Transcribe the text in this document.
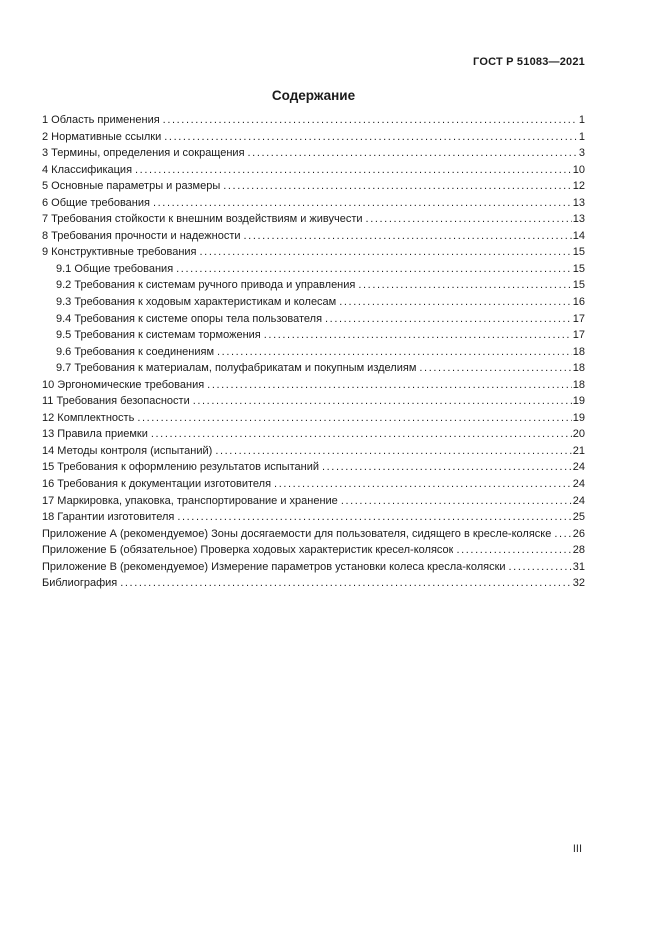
ГОСТ Р 51083—2021
Содержание
1 Область применения .....	1
2 Нормативные ссылки .....	1
3 Термины, определения и сокращения .....	3
4 Классификация .....	10
5 Основные параметры и размеры .....	12
6 Общие требования .....	13
7 Требования стойкости к внешним воздействиям и живучести .....	13
8 Требования прочности и надежности .....	14
9 Конструктивные требования .....	15
9.1 Общие требования .....	15
9.2 Требования к системам ручного привода и управления .....	15
9.3 Требования к ходовым характеристикам и колесам .....	16
9.4 Требования к системе опоры тела пользователя .....	17
9.5 Требования к системам торможения .....	17
9.6 Требования к соединениям .....	18
9.7 Требования к материалам, полуфабрикатам и покупным изделиям .....	18
10 Эргономические требования .....	18
11 Требования безопасности .....	19
12 Комплектность .....	19
13 Правила приемки .....	20
14 Методы контроля (испытаний) .....	21
15 Требования к оформлению результатов испытаний .....	24
16 Требования к документации изготовителя .....	24
17 Маркировка, упаковка, транспортирование и хранение .....	24
18 Гарантии изготовителя .....	25
Приложение А (рекомендуемое) Зоны досягаемости для пользователя, сидящего в кресле-коляске ..... 26
Приложение Б (обязательное) Проверка ходовых характеристик кресел-колясок .....	28
Приложение В (рекомендуемое) Измерение параметров установки колеса кресла-коляски .....	31
Библиография .....	32
III
